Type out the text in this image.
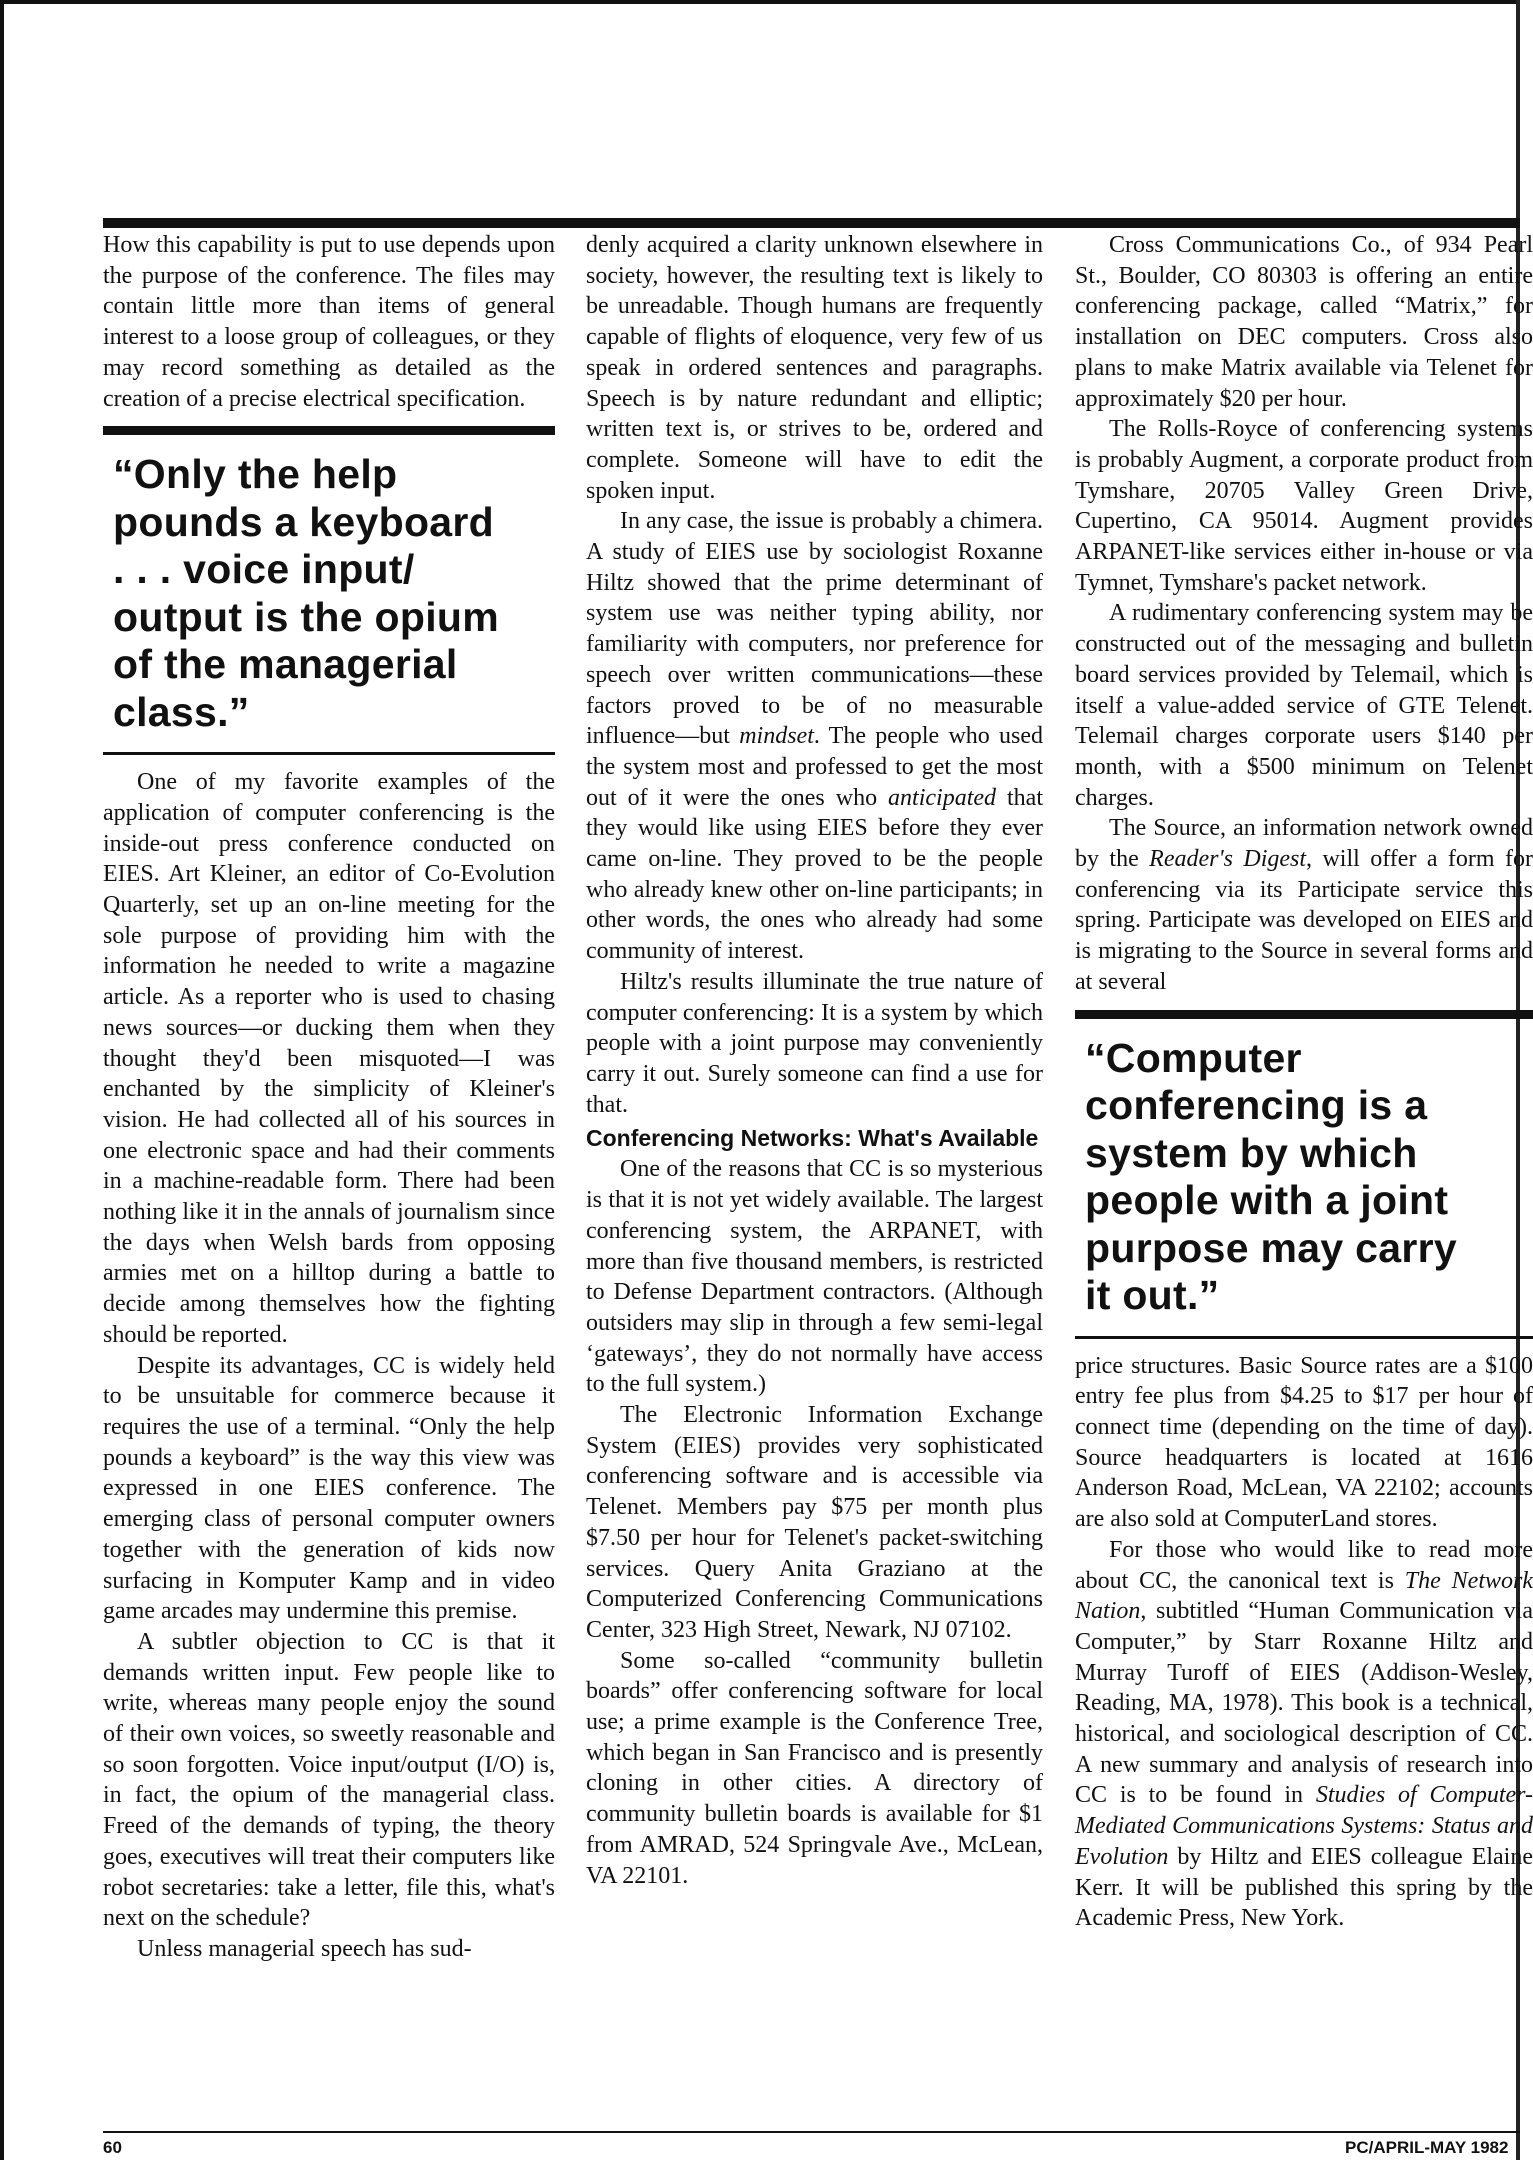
How this capability is put to use depends upon the purpose of the conference. The files may contain little more than items of general interest to a loose group of colleagues, or they may record something as detailed as the creation of a precise electrical specification.

“Only the help
pounds a keyboard
. . . voice input/
output is the opium
of the managerial
class.”

One of my favorite examples of the application of computer conferencing is the inside-out press conference conducted on EIES. Art Kleiner, an editor of Co-Evolution Quarterly, set up an on-line meeting for the sole purpose of providing him with the information he needed to write a magazine article. As a reporter who is used to chasing news sources—or ducking them when they thought they'd been misquoted—I was enchanted by the simplicity of Kleiner's vision. He had collected all of his sources in one electronic space and had their comments in a machine-readable form. There had been nothing like it in the annals of journalism since the days when Welsh bards from opposing armies met on a hilltop during a battle to decide among themselves how the fighting should be reported.

Despite its advantages, CC is widely held to be unsuitable for commerce because it requires the use of a terminal. “Only the help pounds a keyboard” is the way this view was expressed in one EIES conference. The emerging class of personal computer owners together with the generation of kids now surfacing in Komputer Kamp and in video game arcades may undermine this premise.

A subtler objection to CC is that it demands written input. Few people like to write, whereas many people enjoy the sound of their own voices, so sweetly reasonable and so soon forgotten. Voice input/output (I/O) is, in fact, the opium of the managerial class. Freed of the demands of typing, the theory goes, executives will treat their computers like robot secretaries: take a letter, file this, what's next on the schedule?

Unless managerial speech has sud-

denly acquired a clarity unknown elsewhere in society, however, the resulting text is likely to be unreadable. Though humans are frequently capable of flights of eloquence, very few of us speak in ordered sentences and paragraphs. Speech is by nature redundant and elliptic; written text is, or strives to be, ordered and complete. Someone will have to edit the spoken input.

In any case, the issue is probably a chimera. A study of EIES use by sociologist Roxanne Hiltz showed that the prime determinant of system use was neither typing ability, nor familiarity with computers, nor preference for speech over written communications—these factors proved to be of no measurable influence—but mindset. The people who used the system most and professed to get the most out of it were the ones who anticipated that they would like using EIES before they ever came on-line. They proved to be the people who already knew other on-line participants; in other words, the ones who already had some community of interest.

Hiltz's results illuminate the true nature of computer conferencing: It is a system by which people with a joint purpose may conveniently carry it out. Surely someone can find a use for that.

Conferencing Networks: What's Available

One of the reasons that CC is so mysterious is that it is not yet widely available. The largest conferencing system, the ARPANET, with more than five thousand members, is restricted to Defense Department contractors. (Although outsiders may slip in through a few semi-legal ‘gateways’, they do not normally have access to the full system.)

The Electronic Information Exchange System (EIES) provides very sophisticated conferencing software and is accessible via Telenet. Members pay $75 per month plus $7.50 per hour for Telenet's packet-switching services. Query Anita Graziano at the Computerized Conferencing Communications Center, 323 High Street, Newark, NJ 07102.

Some so-called “community bulletin boards” offer conferencing software for local use; a prime example is the Conference Tree, which began in San Francisco and is presently cloning in other cities. A directory of community bulletin boards is available for $1 from AMRAD, 524 Springvale Ave., McLean, VA 22101.

Cross Communications Co., of 934 Pearl St., Boulder, CO 80303 is offering an entire conferencing package, called “Matrix,” for installation on DEC computers. Cross also plans to make Matrix available via Telenet for approximately $20 per hour.

The Rolls-Royce of conferencing systems is probably Augment, a corporate product from Tymshare, 20705 Valley Green Drive, Cupertino, CA 95014. Augment provides ARPANET-like services either in-house or via Tymnet, Tymshare's packet network.

A rudimentary conferencing system may be constructed out of the messaging and bulletin board services provided by Telemail, which is itself a value-added service of GTE Telenet. Telemail charges corporate users $140 per month, with a $500 minimum on Telenet charges.

The Source, an information network owned by the Reader's Digest, will offer a form for conferencing via its Participate service this spring. Participate was developed on EIES and is migrating to the Source in several forms and at several

“Computer
conferencing is a
system by which
people with a joint
purpose may carry
it out.”

price structures. Basic Source rates are a $100 entry fee plus from $4.25 to $17 per hour of connect time (depending on the time of day). Source headquarters is located at 1616 Anderson Road, McLean, VA 22102; accounts are also sold at ComputerLand stores.

For those who would like to read more about CC, the canonical text is The Network Nation, subtitled “Human Communication via Computer,” by Starr Roxanne Hiltz and Murray Turoff of EIES (Addison-Wesley, Reading, MA, 1978). This book is a technical, historical, and sociological description of CC. A new summary and analysis of research into CC is to be found in Studies of Computer-Mediated Communications Systems: Status and Evolution by Hiltz and EIES colleague Elaine Kerr. It will be published this spring by the Academic Press, New York.

60	PC/APRIL-MAY 1982
